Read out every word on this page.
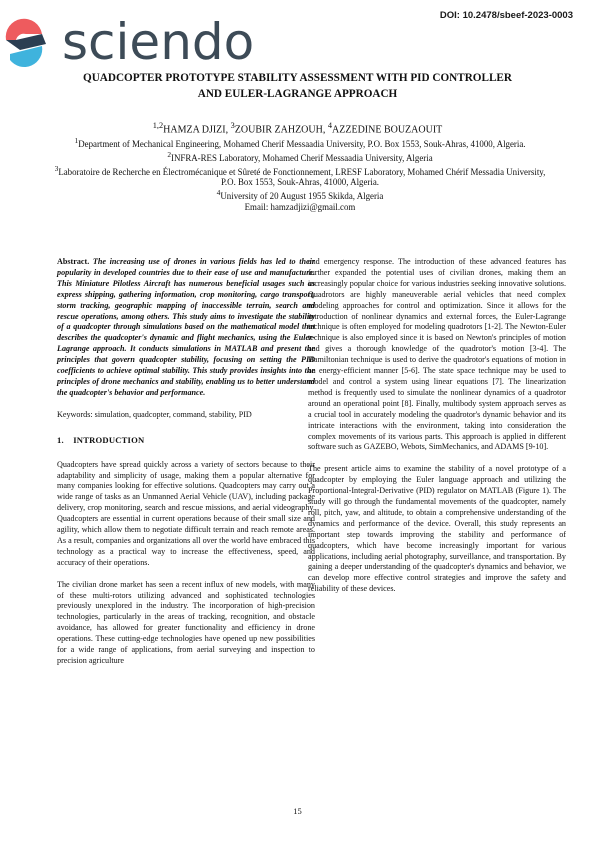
sciendo	DOI: 10.2478/sbeef-2023-0003
QUADCOPTER PROTOTYPE STABILITY ASSESSMENT WITH PID CONTROLLER
AND EULER-LAGRANGE APPROACH
$^{1,2}$HAMZA DJIZI, $^3$ZOUBIR ZAHZOUH, $^4$AZZEDINE BOUZAOUIT
$^1$Department of Mechanical Engineering, Mohamed Cherif Messaadia University, P.O. Box 1553, Souk-Ahras, 41000, Algeria.
$^2$INFRA-RES Laboratory, Mohamed Cherif Messaadia University, Algeria
$^3$Laboratoire de Recherche en Électromécanique et Sûreté de Fonctionnement, LRESF Laboratory, Mohamed Chérif Messadia University, P.O. Box 1553, Souk-Ahras, 41000, Algeria.
$^4$University of 20 August 1955 Skikda, Algeria
Email: hamzadjizi@gmail.com

Abstract. The increasing use of drones in various fields has led to their popularity in developed countries due to their ease of use and manufacture. This Miniature Pilotless Aircraft has numerous beneficial usages such as express shipping, gathering information, crop monitoring, cargo transport, storm tracking, geographic mapping of inaccessible terrain, search and rescue operations, among others. This study aims to investigate the stability of a quadcopter through simulations based on the mathematical model that describes the quadcopter's dynamic and flight mechanics, using the Euler-Lagrange approach. It conducts simulations in MATLAB and present the principles that govern quadcopter stability, focusing on setting the PID coefficients to achieve optimal stability. This study provides insights into the principles of drone mechanics and stability, enabling us to better understand the quadcopter's behavior and performance.

Keywords: simulation, quadcopter, command, stability, PID

1.    INTRODUCTION

Quadcopters have spread quickly across a variety of sectors because to their adaptability and simplicity of usage, making them a popular alternative for many companies looking for effective solutions. Quadcopters may carry out a wide range of tasks as an Unmanned Aerial Vehicle (UAV), including package delivery, crop monitoring, search and rescue missions, and aerial videography. Quadcopters are essential in current operations because of their small size and agility, which allow them to negotiate difficult terrain and reach remote areas. As a result, companies and organizations all over the world have embraced this technology as a practical way to increase the effectiveness, speed, and accuracy of their operations.

The civilian drone market has seen a recent influx of new models, with many of these multi-rotors utilizing advanced and sophisticated technologies previously unexplored in the industry. The incorporation of high-precision technologies, particularly in the areas of tracking, recognition, and obstacle avoidance, has allowed for greater functionality and efficiency in drone operations. These cutting-edge technologies have opened up new possibilities for a wide range of applications, from aerial surveying and inspection to precision agriculture

and emergency response. The introduction of these advanced features has further expanded the potential uses of civilian drones, making them an increasingly popular choice for various industries seeking innovative solutions. Quadrotors are highly maneuverable aerial vehicles that need complex modeling approaches for control and optimization. Since it allows for the introduction of nonlinear dynamics and external forces, the Euler-Lagrange technique is often employed for modeling quadrotors [1-2]. The Newton-Euler technique is also employed since it is based on Newton's principles of motion and gives a thorough knowledge of the quadrotor's motion [3-4]. The Hamiltonian technique is used to derive the quadrotor's equations of motion in an energy-efficient manner [5-6]. The state space technique may be used to model and control a system using linear equations [7]. The linearization method is frequently used to simulate the nonlinear dynamics of a quadrotor around an operational point [8]. Finally, multibody system approach serves as a crucial tool in accurately modeling the quadrotor's dynamic behavior and its intricate interactions with the environment, taking into consideration the complex movements of its various parts. This approach is applied in different software such as GAZEBO, Webots, SimMechanics, and ADAMS [9-10].

The present article aims to examine the stability of a novel prototype of a quadcopter by employing the Euler language approach and utilizing the Proportional-Integral-Derivative (PID) regulator on MATLAB (Figure 1). The study will go through the fundamental movements of the quadcopter, namely roll, pitch, yaw, and altitude, to obtain a comprehensive understanding of the dynamics and performance of the device. Overall, this study represents an important step towards improving the stability and performance of quadcopters, which have become increasingly important for various applications, including aerial photography, surveillance, and transportation. By gaining a deeper understanding of the quadcopter's dynamics and behavior, we can develop more effective control strategies and improve the safety and reliability of these devices.

15
